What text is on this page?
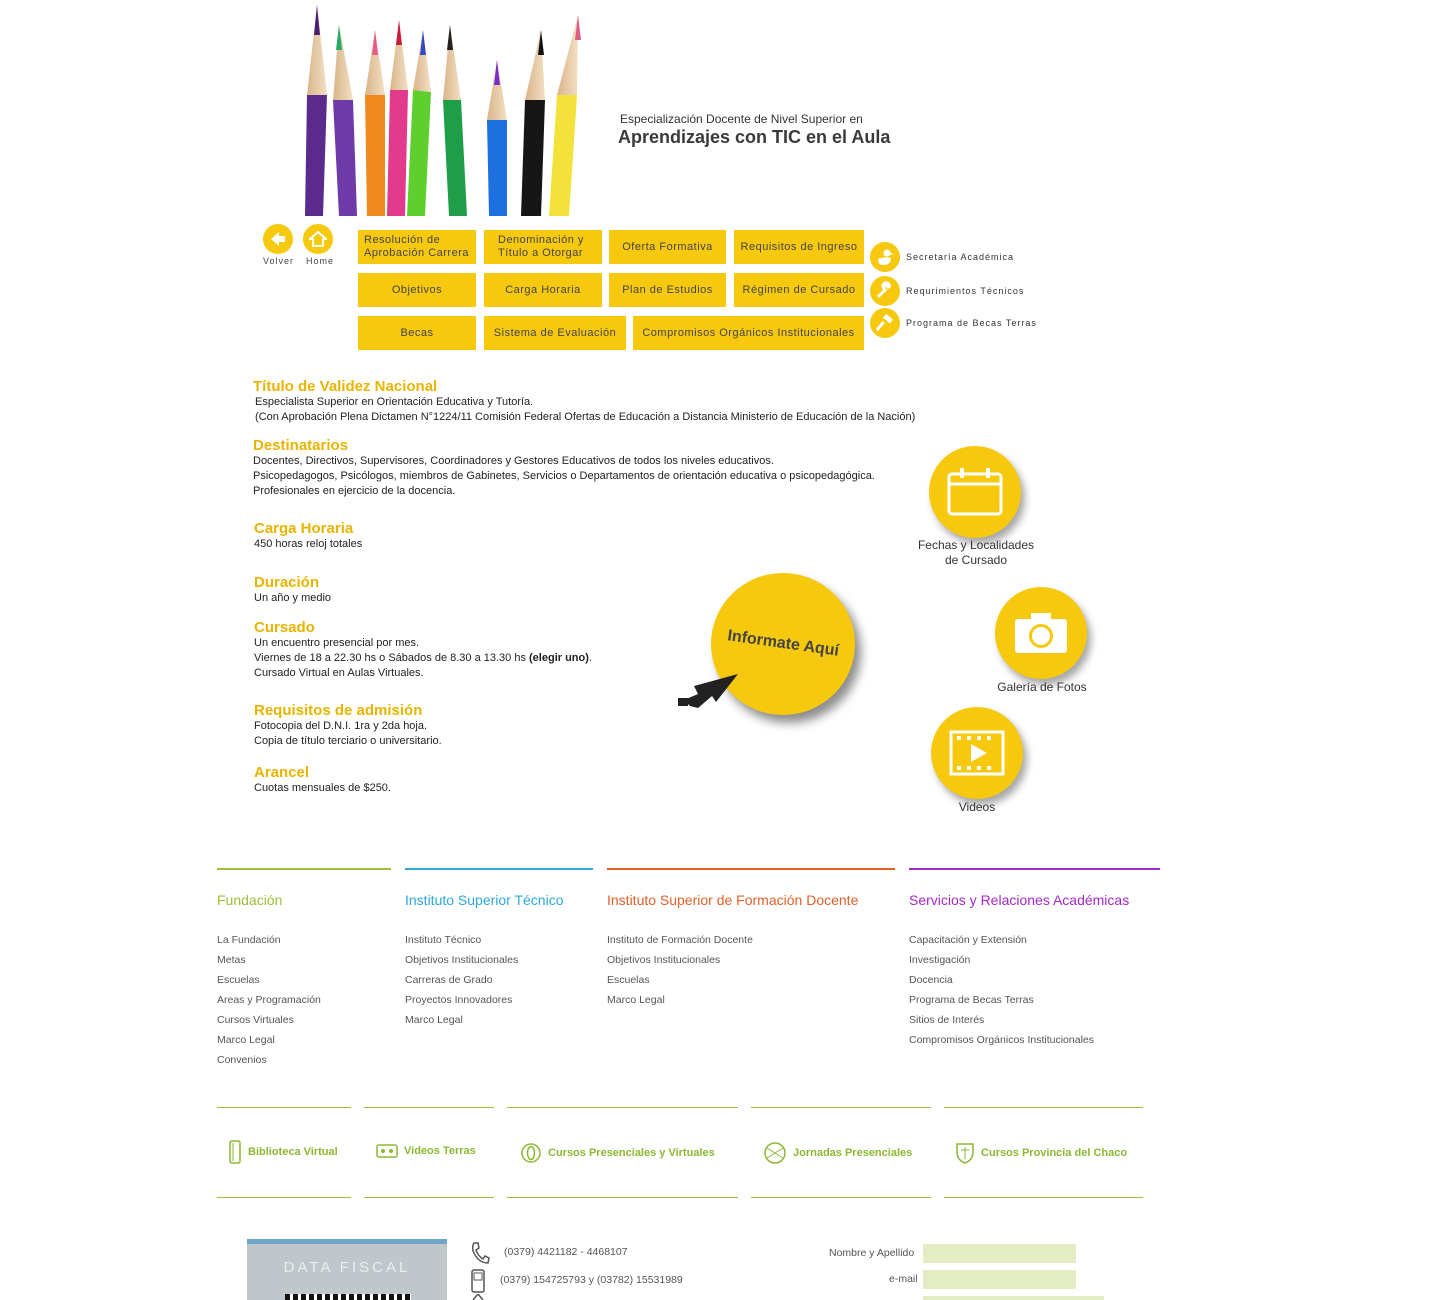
Especialización Docente de Nivel Superior en
Aprendizajes con TIC en el Aula
Volver	Home
Resolución de Aprobación Carrera
Denominación y Título a Otorgar
Oferta Formativa	Requisitos de Ingreso
Objetivos	Carga Horaria	Plan de Estudios	Régimen de Cursado
Becas	Sistema de Evaluación	Compromisos Orgánicos Institucionales
Secretaría Académica
Requrimientos Técnicos
Programa de Becas Terras
Título de Validez Nacional
Especialista Superior en Orientación Educativa y Tutoría.
(Con Aprobación Plena Dictamen N°1224/11 Comisión Federal Ofertas de Educación a Distancia Ministerio de Educación de la Nación)
Destinatarios
Docentes, Directivos, Supervisores, Coordinadores y Gestores Educativos de todos los niveles educativos.
Psicopedagogos, Psicólogos, miembros de Gabinetes, Servicios o Departamentos de orientación educativa o psicopedagógica.
Profesionales en ejercicio de la docencia.
Carga Horaria
450 horas reloj totales
Duración
Un año y medio
Cursado
Un encuentro presencial por mes.
Viernes de 18 a 22.30 hs o Sábados de 8.30 a 13.30 hs (elegir uno).
Cursado Virtual en Aulas Virtuales.
Requisitos de admisión
Fotocopia del D.N.I. 1ra y 2da hoja.
Copia de título terciario o universitario.
Arancel
Cuotas mensuales de $250.
Informate Aquí
Fechas y Localidades
de Cursado
Galería de Fotos
Videos
Fundación
La Fundación
Metas
Escuelas
Areas y Programación
Cursos Virtuales
Marco Legal
Convenios
Instituto Superior Técnico
Instituto Técnico
Objetivos Institucionales
Carreras de Grado
Proyectos Innovadores
Marco Legal
Instituto Superior de Formación Docente
Instituto de Formación Docente
Objetivos Institucionales
Escuelas
Marco Legal
Servicios y Relaciones Académicas
Capacitación y Extensión
Investigación
Docencia
Programa de Becas Terras
Sitios de Interés
Compromisos Orgánicos Institucionales
Biblioteca Virtual	Videos Terras	Cursos Presenciales y Virtuales	Jornadas Presenciales	Cursos Provincia del Chaco
DATA FISCAL
(0379) 4421182 - 4468107
(0379) 154725793 y (03782) 15531989
Nombre y Apellido
e-mail
